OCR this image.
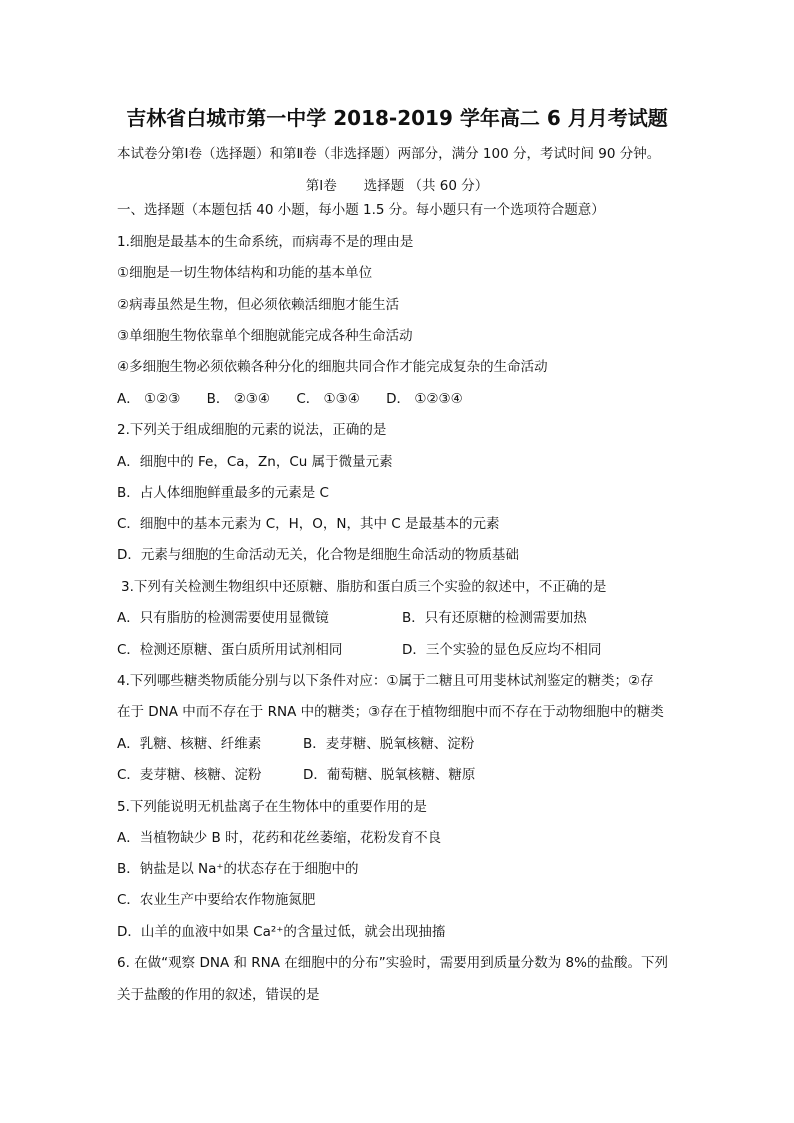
吉林省白城市第一中学 2018-2019 学年高二 6 月月考试题
本试卷分第Ⅰ卷（选择题）和第Ⅱ卷（非选择题）两部分，满分 100 分，考试时间 90 分钟。
第Ⅰ卷　　选择题 （共 60 分）
一、选择题（本题包括 40 小题，每小题 1.5 分。每小题只有一个选项符合题意）
1.细胞是最基本的生命系统，而病毒不是的理由是
①细胞是一切生物体结构和功能的基本单位
②病毒虽然是生物，但必须依赖活细胞才能生活
③单细胞生物依靠单个细胞就能完成各种生命活动
④多细胞生物必须依赖各种分化的细胞共同合作才能完成复杂的生命活动
A． ①②③ B． ②③④ C． ①③④ D． ①②③④
2.下列关于组成细胞的元素的说法，正确的是
A．细胞中的 Fe，Ca，Zn，Cu 属于微量元素
B．占人体细胞鲜重最多的元素是 C
C．细胞中的基本元素为 C，H，O，N，其中 C 是最基本的元素
D．元素与细胞的生命活动无关，化合物是细胞生命活动的物质基础
3.下列有关检测生物组织中还原糖、脂肪和蛋白质三个实验的叙述中，不正确的是
A．只有脂肪的检测需要使用显微镜	B．只有还原糖的检测需要加热
C．检测还原糖、蛋白质所用试剂相同	D．三个实验的显色反应均不相同
4.下列哪些糖类物质能分别与以下条件对应：①属于二糖且可用斐林试剂鉴定的糖类；②存
在于 DNA 中而不存在于 RNA 中的糖类；③存在于植物细胞中而不存在于动物细胞中的糖类
A．乳糖、核糖、纤维素	B．麦芽糖、脱氧核糖、淀粉
C．麦芽糖、核糖、淀粉	D．葡萄糖、脱氧核糖、糖原
5.下列能说明无机盐离子在生物体中的重要作用的是
A．当植物缺少 B 时，花药和花丝萎缩，花粉发育不良
B．钠盐是以 Na⁺的状态存在于细胞中的
C．农业生产中要给农作物施氮肥
D．山羊的血液中如果 Ca²⁺的含量过低，就会出现抽搐
6. 在做“观察 DNA 和 RNA 在细胞中的分布”实验时，需要用到质量分数为 8%的盐酸。下列
关于盐酸的作用的叙述，错误的是
